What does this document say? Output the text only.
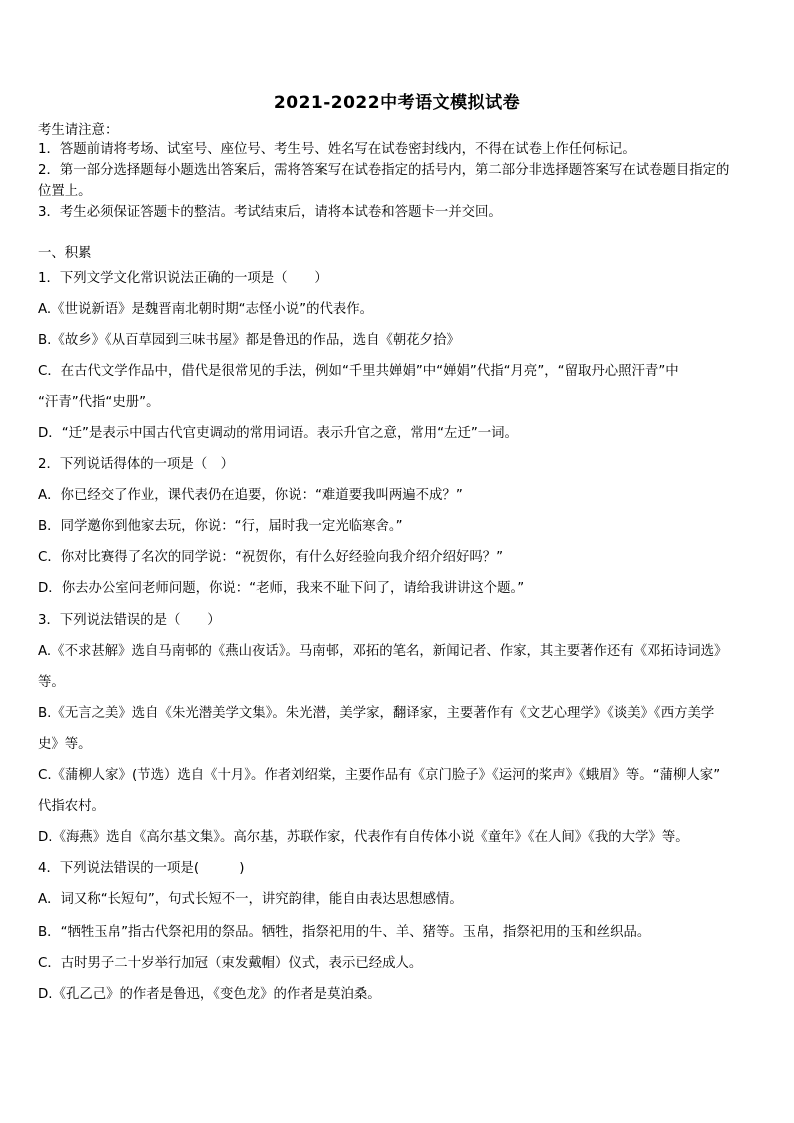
2021-2022中考语文模拟试卷
考生请注意：
1．答题前请将考场、试室号、座位号、考生号、姓名写在试卷密封线内，不得在试卷上作任何标记。
2．第一部分选择题每小题选出答案后，需将答案写在试卷指定的括号内，第二部分非选择题答案写在试卷题目指定的
位置上。
3．考生必须保证答题卡的整洁。考试结束后，请将本试卷和答题卡一并交回。
一、积累
1．下列文学文化常识说法正确的一项是（　　）
A.《世说新语》是魏晋南北朝时期“志怪小说”的代表作。
B.《故乡》《从百草园到三味书屋》都是鲁迅的作品，选自《朝花夕拾》
C．在古代文学作品中，借代是很常见的手法，例如“千里共婵娟”中“婵娟”代指“月亮”，“留取丹心照汗青”中
“汗青”代指“史册”。
D．“迁”是表示中国古代官吏调动的常用词语。表示升官之意，常用“左迁”一词。
2．下列说话得体的一项是（　）
A．你已经交了作业，课代表仍在追要，你说：“难道要我叫两遍不成？”
B．同学邀你到他家去玩，你说：“行，届时我一定光临寒舍。”
C．你对比赛得了名次的同学说：“祝贺你，有什么好经验向我介绍介绍好吗？”
D．你去办公室问老师问题，你说：“老师，我来不耻下问了，请给我讲讲这个题。”
3．下列说法错误的是（　　）
A.《不求甚解》选自马南邨的《燕山夜话》。马南邨，邓拓的笔名，新闻记者、作家，其主要著作还有《邓拓诗词选》
等。
B.《无言之美》选自《朱光潜美学文集》。朱光潜，美学家，翻译家，主要著作有《文艺心理学》《谈美》《西方美学
史》等。
C.《蒲柳人家》(节选）选自《十月》。作者刘绍棠，主要作品有《京门脸子》《运河的桨声》《蛾眉》等。“蒲柳人家”
代指农村。
D.《海燕》选自《高尔基文集》。高尔基，苏联作家，代表作有自传体小说《童年》《在人间》《我的大学》等。
4．下列说法错误的一项是(　　　)
A．词又称“长短句”，句式长短不一，讲究韵律，能自由表达思想感情。
B．“牺牲玉帛”指古代祭祀用的祭品。牺牲，指祭祀用的牛、羊、猪等。玉帛，指祭祀用的玉和丝织品。
C．古时男子二十岁举行加冠（束发戴帽）仪式，表示已经成人。
D.《孔乙己》的作者是鲁迅，《变色龙》的作者是莫泊桑。
